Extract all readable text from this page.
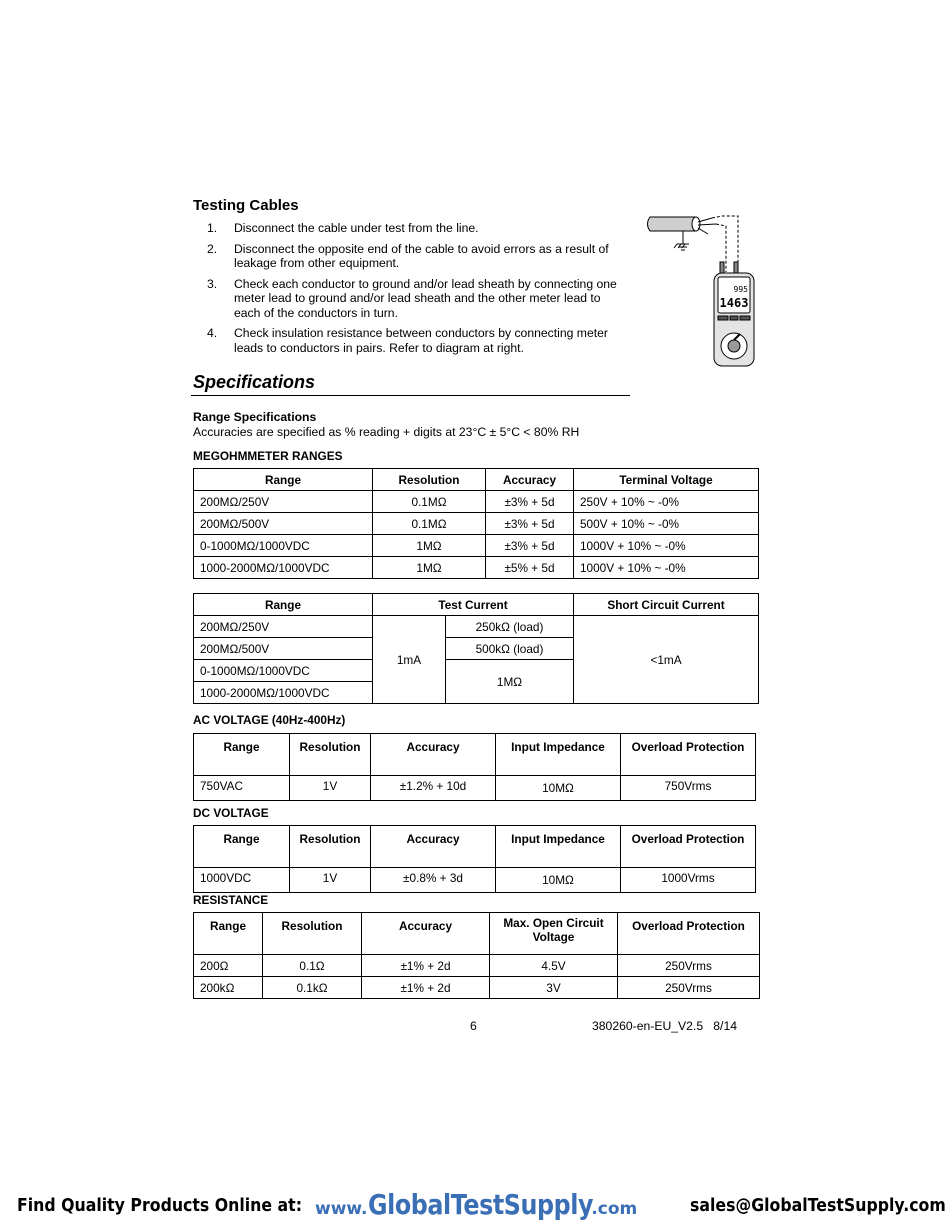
Testing Cables
1.	Disconnect the cable under test from the line.
2.	Disconnect the opposite end of the cable to avoid errors as a result of leakage from other equipment.
3.	Check each conductor to ground and/or lead sheath by connecting one meter lead to ground and/or lead sheath and the other meter lead to each of the conductors in turn.
4.	Check insulation resistance between conductors by connecting meter leads to conductors in pairs. Refer to diagram at right.
995
1463
Specifications
Range Specifications
Accuracies are specified as % reading + digits at 23°C ± 5°C < 80% RH
MEGOHMMETER RANGES
Range	Resolution	Accuracy	Terminal Voltage
200MΩ/250V	0.1MΩ	±3% + 5d	250V + 10% ~ -0%
200MΩ/500V	0.1MΩ	±3% + 5d	500V + 10% ~ -0%
0-1000MΩ/1000VDC	1MΩ	±3% + 5d	1000V + 10% ~ -0%
1000-2000MΩ/1000VDC	1MΩ	±5% + 5d	1000V + 10% ~ -0%
Range	Test Current		Short Circuit Current
200MΩ/250V	1mA	250kΩ (load)	<1mA
200MΩ/500V		500kΩ (load)	
0-1000MΩ/1000VDC		1MΩ	
1000-2000MΩ/1000VDC			
AC VOLTAGE (40Hz-400Hz)
Range	Resolution	Accuracy	Input Impedance	Overload Protection
750VAC	1V	±1.2% + 10d	10MΩ	750Vrms
DC VOLTAGE
Range	Resolution	Accuracy	Input Impedance	Overload Protection
1000VDC	1V	±0.8% + 3d	10MΩ	1000Vrms
RESISTANCE
Range	Resolution	Accuracy	Max. Open Circuit Voltage	Overload Protection
200Ω	0.1Ω	±1% + 2d	4.5V	250Vrms
200kΩ	0.1kΩ	±1% + 2d	3V	250Vrms
6	380260-en-EU_V2.5   8/14
Find Quality Products Online at: www.GlobalTestSupply.com	sales@GlobalTestSupply.com
